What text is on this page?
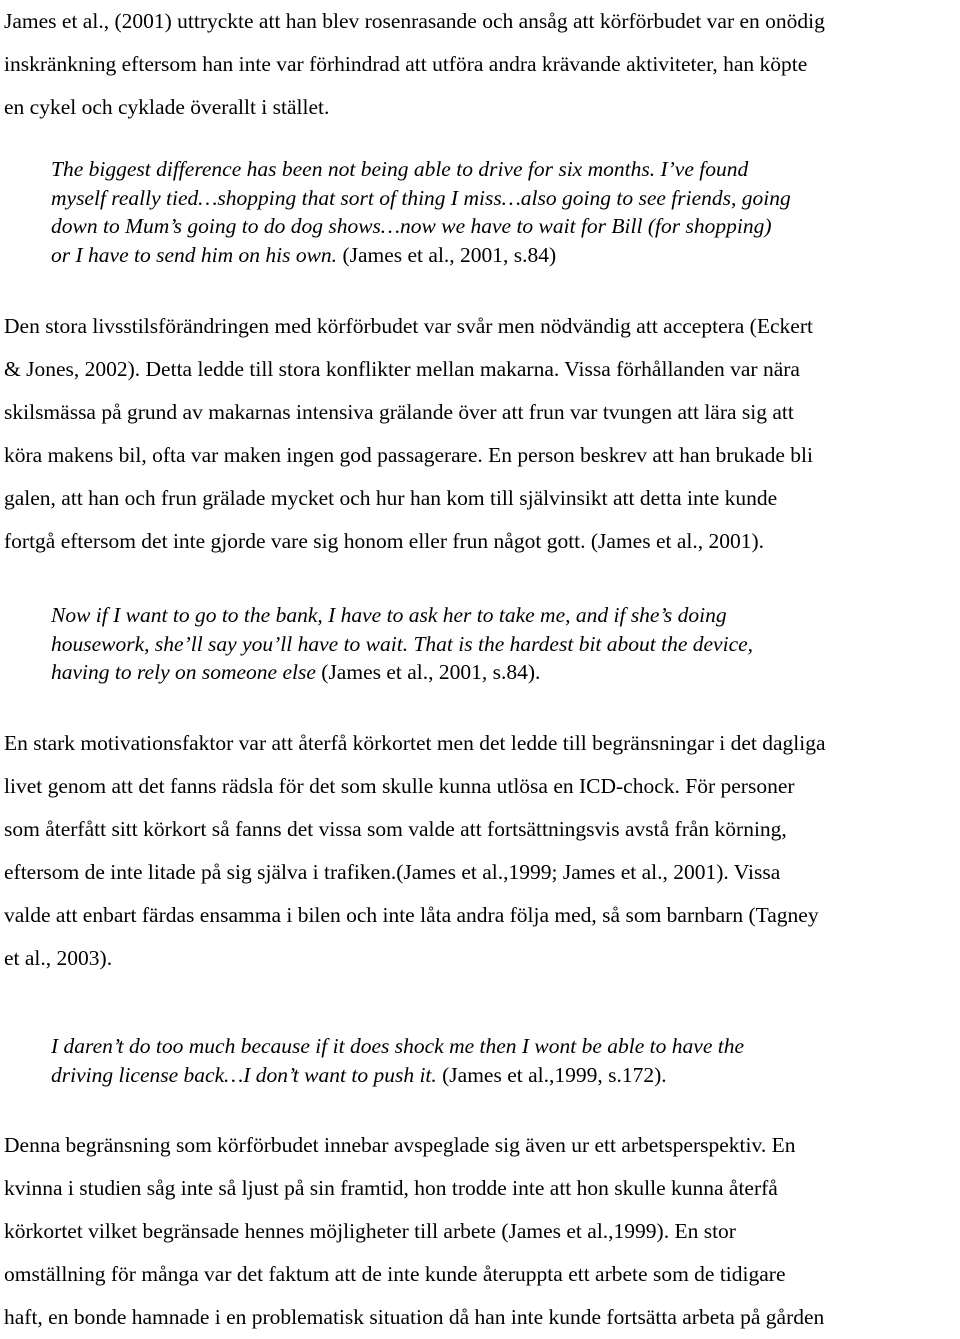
James et al., (2001) uttryckte att han blev rosenrasande och ansåg att körförbudet var en onödig
inskränkning eftersom han inte var förhindrad att utföra andra krävande aktiviteter, han köpte
en cykel och cyklade överallt i stället.

The biggest difference has been not being able to drive for six months. I’ve found
myself really tied…shopping that sort of thing I miss…also going to see friends, going
down to Mum’s going to do dog shows…now we have to wait for Bill (for shopping)
or I have to send him on his own. (James et al., 2001, s.84)

Den stora livsstilsförändringen med körförbudet var svår men nödvändig att acceptera (Eckert
& Jones, 2002). Detta ledde till stora konflikter mellan makarna. Vissa förhållanden var nära
skilsmässa på grund av makarnas intensiva grälande över att frun var tvungen att lära sig att
köra makens bil, ofta var maken ingen god passagerare. En person beskrev att han brukade bli
galen, att han och frun grälade mycket och hur han kom till självinsikt att detta inte kunde
fortgå eftersom det inte gjorde vare sig honom eller frun något gott. (James et al., 2001).

Now if I want to go to the bank, I have to ask her to take me, and if she’s doing
housework, she’ll say you’ll have to wait. That is the hardest bit about the device,
having to rely on someone else (James et al., 2001, s.84).

En stark motivationsfaktor var att återfå körkortet men det ledde till begränsningar i det dagliga
livet genom att det fanns rädsla för det som skulle kunna utlösa en ICD-chock. För personer
som återfått sitt körkort så fanns det vissa som valde att fortsättningsvis avstå från körning,
eftersom de inte litade på sig själva i trafiken.(James et al.,1999; James et al., 2001). Vissa
valde att enbart färdas ensamma i bilen och inte låta andra följa med, så som barnbarn (Tagney
et al., 2003).

I daren’t do too much because if it does shock me then I wont be able to have the
driving license back…I don’t want to push it. (James et al.,1999, s.172).

Denna begränsning som körförbudet innebar avspeglade sig även ur ett arbetsperspektiv. En
kvinna i studien såg inte så ljust på sin framtid, hon trodde inte att hon skulle kunna återfå
körkortet vilket begränsade hennes möjligheter till arbete (James et al.,1999). En stor
omställning för många var det faktum att de inte kunde återuppta ett arbete som de tidigare
haft, en bonde hamnade i en problematisk situation då han inte kunde fortsätta arbeta på gården
